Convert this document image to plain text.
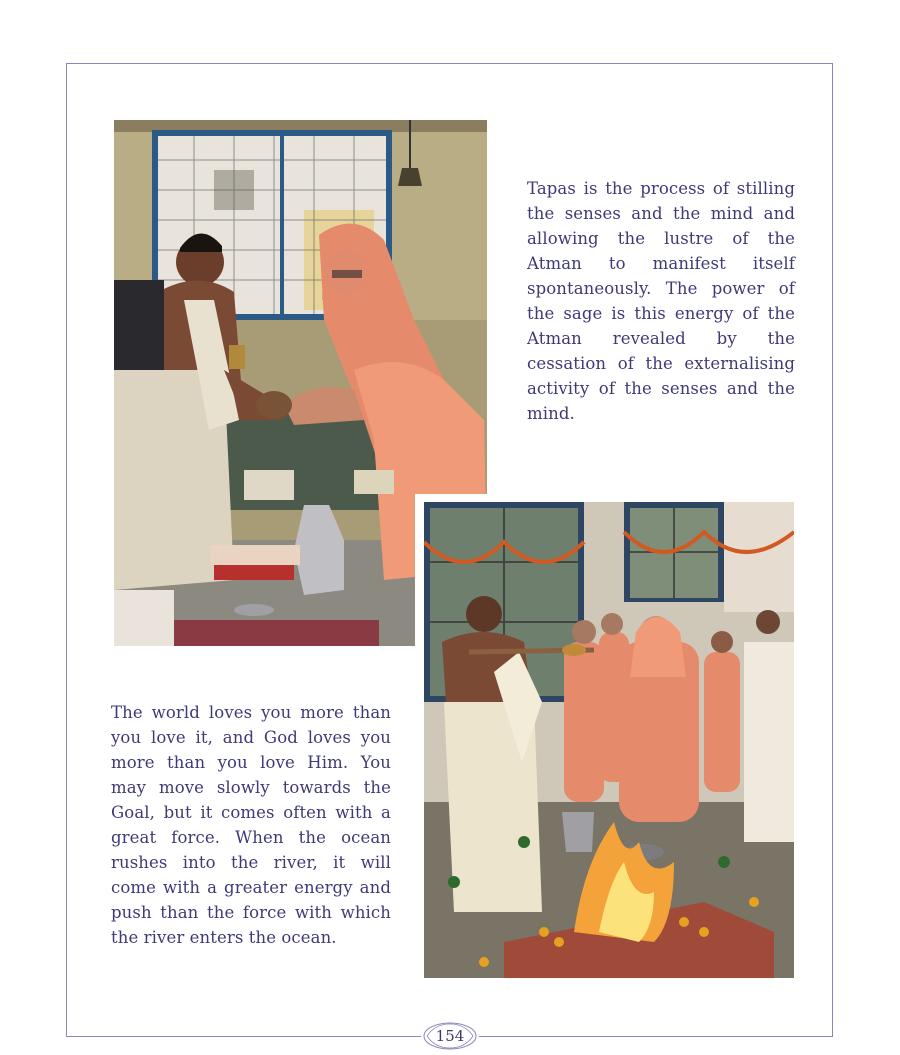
Tapas is the process of stilling the senses and the mind and allowing the lustre of the Atman to manifest itself spontaneously. The power of the sage is this energy of the Atman revealed by the cessation of the externalising activity of the senses and the mind.

The world loves you more than you love it, and God loves you more than you love Him. You may move slowly towards the Goal, but it comes often with a great force. When the ocean rushes into the river, it will come with a greater energy and push than the force with which the river enters the ocean.

154
